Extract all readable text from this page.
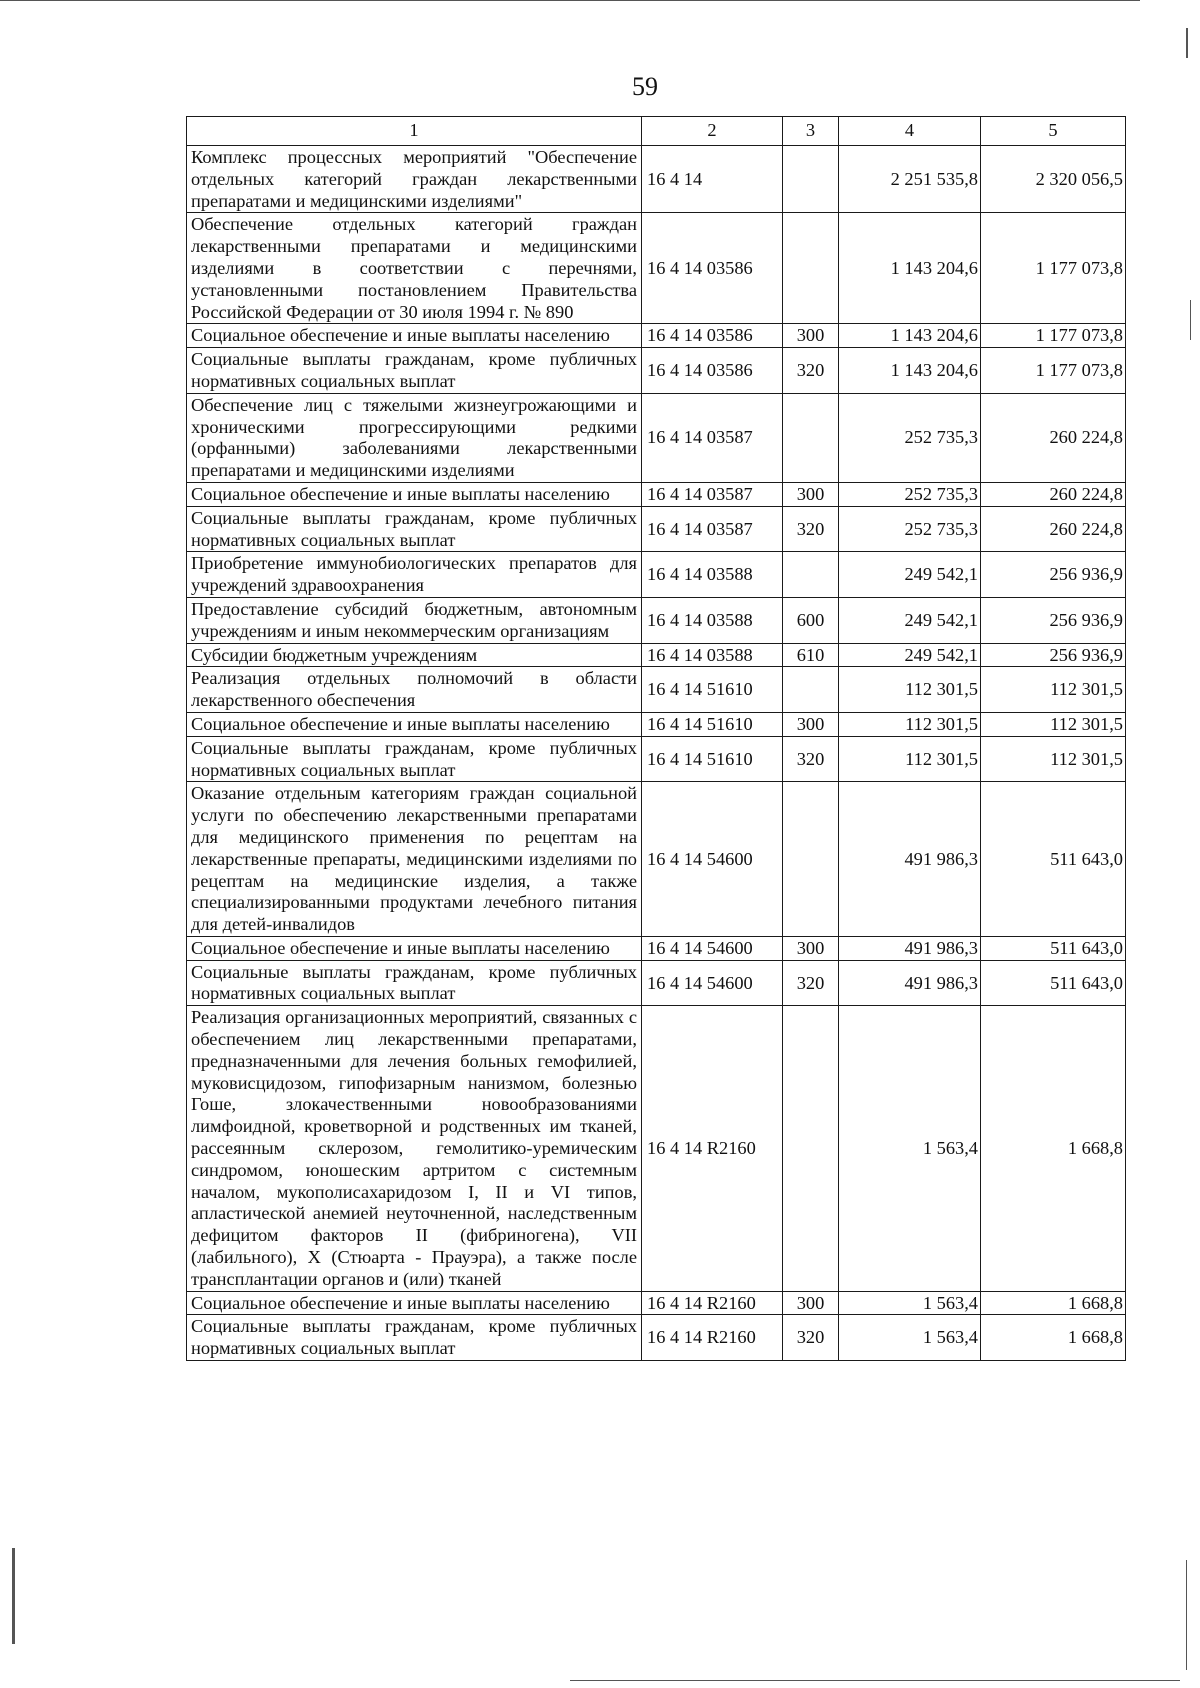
59
1	2	3	4	5
Комплекс процессных мероприятий "Обеспечение отдельных категорий граждан лекарственными препаратами и медицинскими изделиями"	16 4 14		2 251 535,8	2 320 056,5
Обеспечение отдельных категорий граждан лекарственными препаратами и медицинскими изделиями в соответствии с перечнями, установленными постановлением Правительства Российской Федерации от 30 июля 1994 г. № 890	16 4 14 03586		1 143 204,6	1 177 073,8
Социальное обеспечение и иные выплаты населению	16 4 14 03586	300	1 143 204,6	1 177 073,8
Социальные выплаты гражданам, кроме публичных нормативных социальных выплат	16 4 14 03586	320	1 143 204,6	1 177 073,8
Обеспечение лиц с тяжелыми жизнеугрожающими и хроническими прогрессирующими редкими (орфанными) заболеваниями лекарственными препаратами и медицинскими изделиями	16 4 14 03587		252 735,3	260 224,8
Социальное обеспечение и иные выплаты населению	16 4 14 03587	300	252 735,3	260 224,8
Социальные выплаты гражданам, кроме публичных нормативных социальных выплат	16 4 14 03587	320	252 735,3	260 224,8
Приобретение иммунобиологических препаратов для учреждений здравоохранения	16 4 14 03588		249 542,1	256 936,9
Предоставление субсидий бюджетным, автономным учреждениям и иным некоммерческим организациям	16 4 14 03588	600	249 542,1	256 936,9
Субсидии бюджетным учреждениям	16 4 14 03588	610	249 542,1	256 936,9
Реализация отдельных полномочий в области лекарственного обеспечения	16 4 14 51610		112 301,5	112 301,5
Социальное обеспечение и иные выплаты населению	16 4 14 51610	300	112 301,5	112 301,5
Социальные выплаты гражданам, кроме публичных нормативных социальных выплат	16 4 14 51610	320	112 301,5	112 301,5
Оказание отдельным категориям граждан социальной услуги по обеспечению лекарственными препаратами для медицинского применения по рецептам на лекарственные препараты, медицинскими изделиями по рецептам на медицинские изделия, а также специализированными продуктами лечебного питания для детей-инвалидов	16 4 14 54600		491 986,3	511 643,0
Социальное обеспечение и иные выплаты населению	16 4 14 54600	300	491 986,3	511 643,0
Социальные выплаты гражданам, кроме публичных нормативных социальных выплат	16 4 14 54600	320	491 986,3	511 643,0
Реализация организационных мероприятий, связанных с обеспечением лиц лекарственными препаратами, предназначенными для лечения больных гемофилией, муковисцидозом, гипофизарным нанизмом, болезнью Гоше, злокачественными новообразованиями лимфоидной, кроветворной и родственных им тканей, рассеянным склерозом, гемолитико-уремическим синдромом, юношеским артритом с системным началом, мукополисахаридозом I, II и VI типов, апластической анемией неуточненной, наследственным дефицитом факторов II (фибриногена), VII (лабильного), X (Стюарта - Прауэра), а также после трансплантации органов и (или) тканей	16 4 14 R2160		1 563,4	1 668,8
Социальное обеспечение и иные выплаты населению	16 4 14 R2160	300	1 563,4	1 668,8
Социальные выплаты гражданам, кроме публичных нормативных социальных выплат	16 4 14 R2160	320	1 563,4	1 668,8
